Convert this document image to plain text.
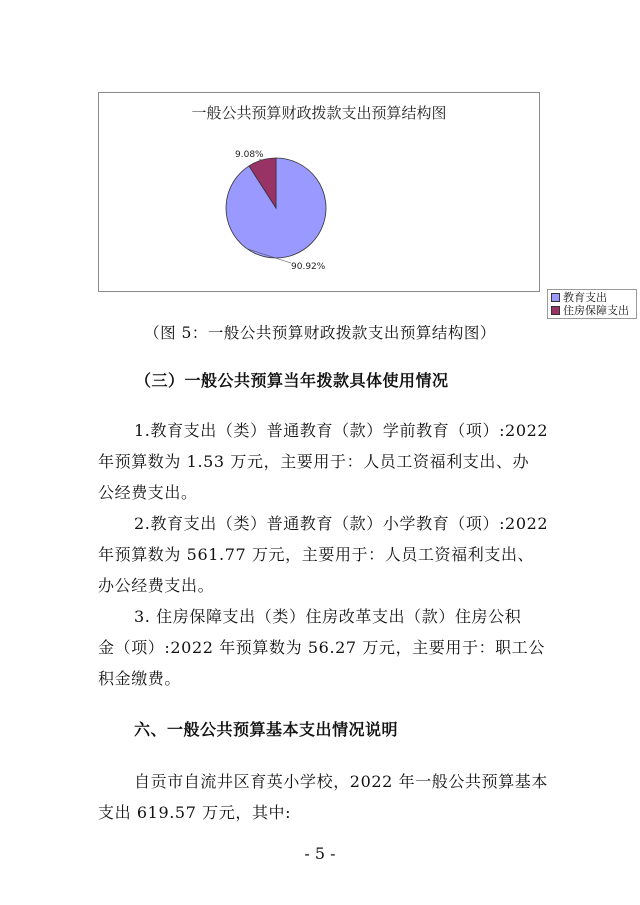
一般公共预算财政拨款支出预算结构图
90.92%
9.08%
教育支出
住房保障支出
（图 5：一般公共预算财政拨款支出预算结构图）
（三）一般公共预算当年拨款具体使用情况
1.教育支出（类）普通教育（款）学前教育（项）:2022
年预算数为 1.53 万元，主要用于：人员工资福利支出、办
公经费支出。
2.教育支出（类）普通教育（款）小学教育（项）:2022
年预算数为 561.77 万元，主要用于：人员工资福利支出、
办公经费支出。
3. 住房保障支出（类）住房改革支出（款）住房公积
金（项）:2022 年预算数为 56.27 万元，主要用于：职工公
积金缴费。
六、一般公共预算基本支出情况说明
自贡市自流井区育英小学校，2022 年一般公共预算基本
支出 619.57 万元，其中:
- 5 -
